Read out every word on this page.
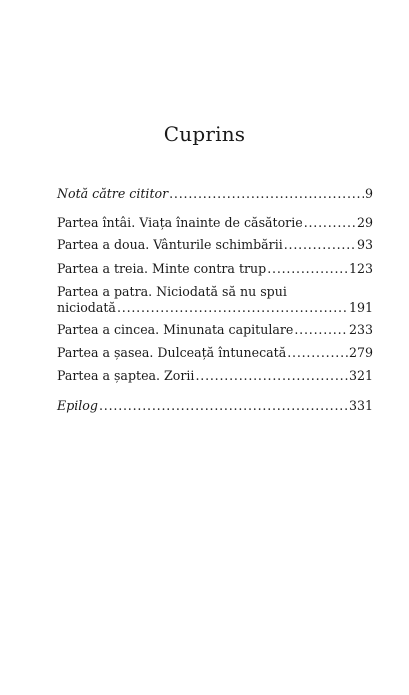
Cuprins
Notă către cititor . . .	9
Partea întâi. Viața înainte de căsătorie . . .	29
Partea a doua. Vânturile schimbării . . .	93
Partea a treia. Minte contra trup . . .	123
Partea a patra. Niciodată să nu spui
niciodată . . .	191
Partea a cincea. Minunata capitulare . . .	233
Partea a șasea. Dulceață întunecată . . .	279
Partea a șaptea. Zorii . . .	321
Epilog . . .	331
